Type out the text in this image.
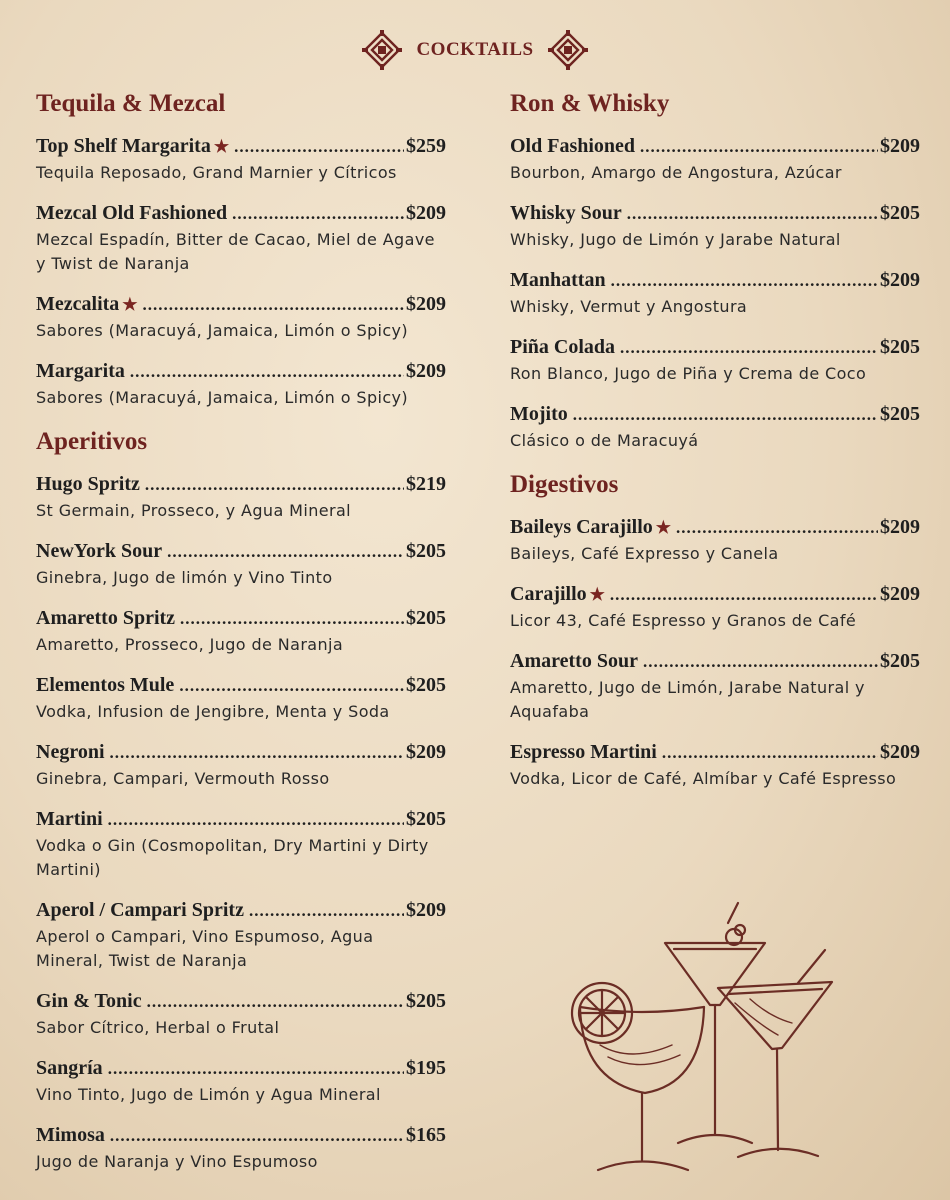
COCKTAILS
Tequila & Mezcal
Top Shelf Margarita ★ .....	$259
Tequila Reposado, Grand Marnier y Cítricos
Mezcal Old Fashioned .....	$209
Mezcal Espadín, Bitter de Cacao, Miel de Agave y Twist de Naranja
Mezcalita ★ .....	$209
Sabores (Maracuyá, Jamaica, Limón o Spicy)
Margarita .....	$209
Sabores (Maracuyá, Jamaica, Limón o Spicy)
Aperitivos
Hugo Spritz .....	$219
St Germain, Prosseco, y Agua Mineral
NewYork Sour .....	$205
Ginebra, Jugo de limón y Vino Tinto
Amaretto Spritz .....	$205
Amaretto, Prosseco, Jugo de Naranja
Elementos Mule .....	$205
Vodka, Infusion de Jengibre, Menta y Soda
Negroni .....	$209
Ginebra, Campari, Vermouth Rosso
Martini .....	$205
Vodka o Gin (Cosmopolitan, Dry Martini y Dirty Martini)
Aperol / Campari Spritz .....	$209
Aperol o Campari, Vino Espumoso, Agua Mineral, Twist de Naranja
Gin & Tonic .....	$205
Sabor Cítrico, Herbal o Frutal
Sangría .....	$195
Vino Tinto, Jugo de Limón y Agua Mineral
Mimosa .....	$165
Jugo de Naranja y Vino Espumoso
Ron & Whisky
Old Fashioned .....	$209
Bourbon, Amargo de Angostura, Azúcar
Whisky Sour .....	$205
Whisky, Jugo de Limón y Jarabe Natural
Manhattan .....	$209
Whisky, Vermut y Angostura
Piña Colada .....	$205
Ron Blanco, Jugo de Piña y Crema de Coco
Mojito .....	$205
Clásico o de Maracuyá
Digestivos
Baileys Carajillo ★ .....	$209
Baileys, Café Expresso y Canela
Carajillo ★ .....	$209
Licor 43, Café Espresso y Granos de Café
Amaretto Sour .....	$205
Amaretto, Jugo de Limón, Jarabe Natural y Aquafaba
Espresso Martini .....	$209
Vodka, Licor de Café, Almíbar y Café Espresso
